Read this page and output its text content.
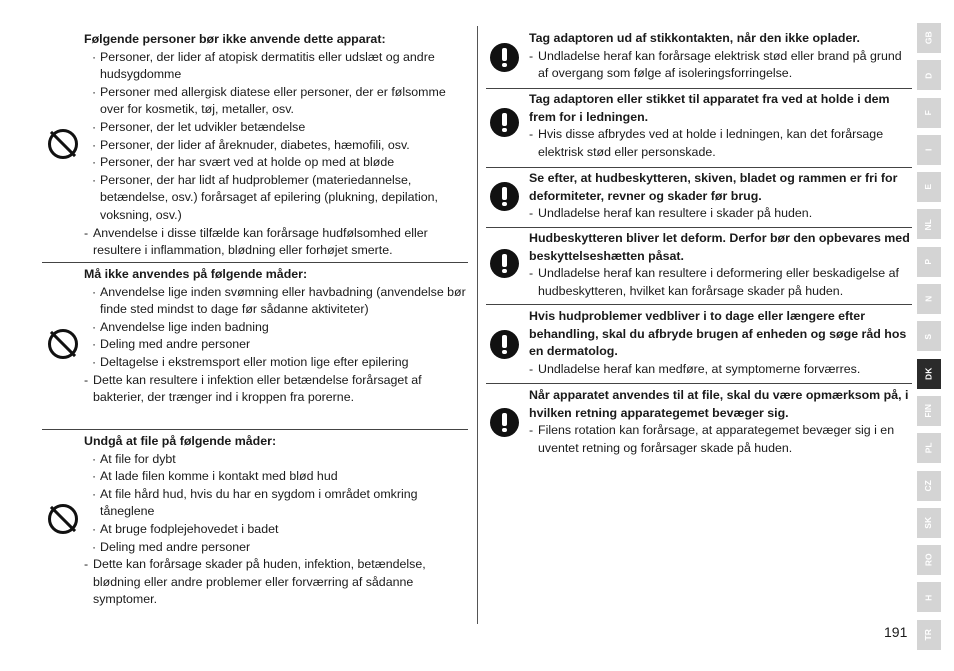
Følgende personer bør ikke anvende dette apparat:
· Personer, der lider af atopisk dermatitis eller udslæt og andre hudsygdomme
· Personer med allergisk diatese eller personer, der er følsomme over for kosmetik, tøj, metaller, osv.
· Personer, der let udvikler betændelse
· Personer, der lider af åreknuder, diabetes, hæmofili, osv.
· Personer, der har svært ved at holde op med at bløde
· Personer, der har lidt af hudproblemer (materiedannelse, betændelse, osv.) forårsaget af epilering (plukning, depilation, voksning, osv.)
- Anvendelse i disse tilfælde kan forårsage hudfølsomhed eller resultere i inflammation, blødning eller forhøjet smerte.
Må ikke anvendes på følgende måder:
· Anvendelse lige inden svømning eller havbadning (anvendelse bør finde sted mindst to dage før sådanne aktiviteter)
· Anvendelse lige inden badning
· Deling med andre personer
· Deltagelse i ekstremsport eller motion lige efter epilering
- Dette kan resultere i infektion eller betændelse forårsaget af bakterier, der trænger ind i kroppen fra porerne.
Undgå at file på følgende måder:
· At file for dybt
· At lade filen komme i kontakt med blød hud
· At file hård hud, hvis du har en sygdom i området omkring tåneglene
· At bruge fodplejehovedet i badet
· Deling med andre personer
- Dette kan forårsage skader på huden, infektion, betændelse, blødning eller andre problemer eller forværring af sådanne symptomer.
Tag adaptoren ud af stikkontakten, når den ikke oplader.
- Undladelse heraf kan forårsage elektrisk stød eller brand på grund af overgang som følge af isoleringsforringelse.
Tag adaptoren eller stikket til apparatet fra ved at holde i dem frem for i ledningen.
- Hvis disse afbrydes ved at holde i ledningen, kan det forårsage elektrisk stød eller personskade.
Se efter, at hudbeskytteren, skiven, bladet og rammen er fri for deformiteter, revner og skader før brug.
- Undladelse heraf kan resultere i skader på huden.
Hudbeskytteren bliver let deform. Derfor bør den opbevares med beskyttelseshætten påsat.
- Undladelse heraf kan resultere i deformering eller beskadigelse af hudbeskytteren, hvilket kan forårsage skader på huden.
Hvis hudproblemer vedbliver i to dage eller længere efter behandling, skal du afbryde brugen af enheden og søge råd hos en dermatolog.
- Undladelse heraf kan medføre, at symptomerne forværres.
Når apparatet anvendes til at file, skal du være opmærksom på, i hvilken retning apparategemet bevæger sig.
- Filens rotation kan forårsage, at apparategemet bevæger sig i en uventet retning og forårsager skade på huden.
GB
D
F
I
E
NL
P
N
S
DK
FIN
PL
CZ
SK
RO
H
TR
191
